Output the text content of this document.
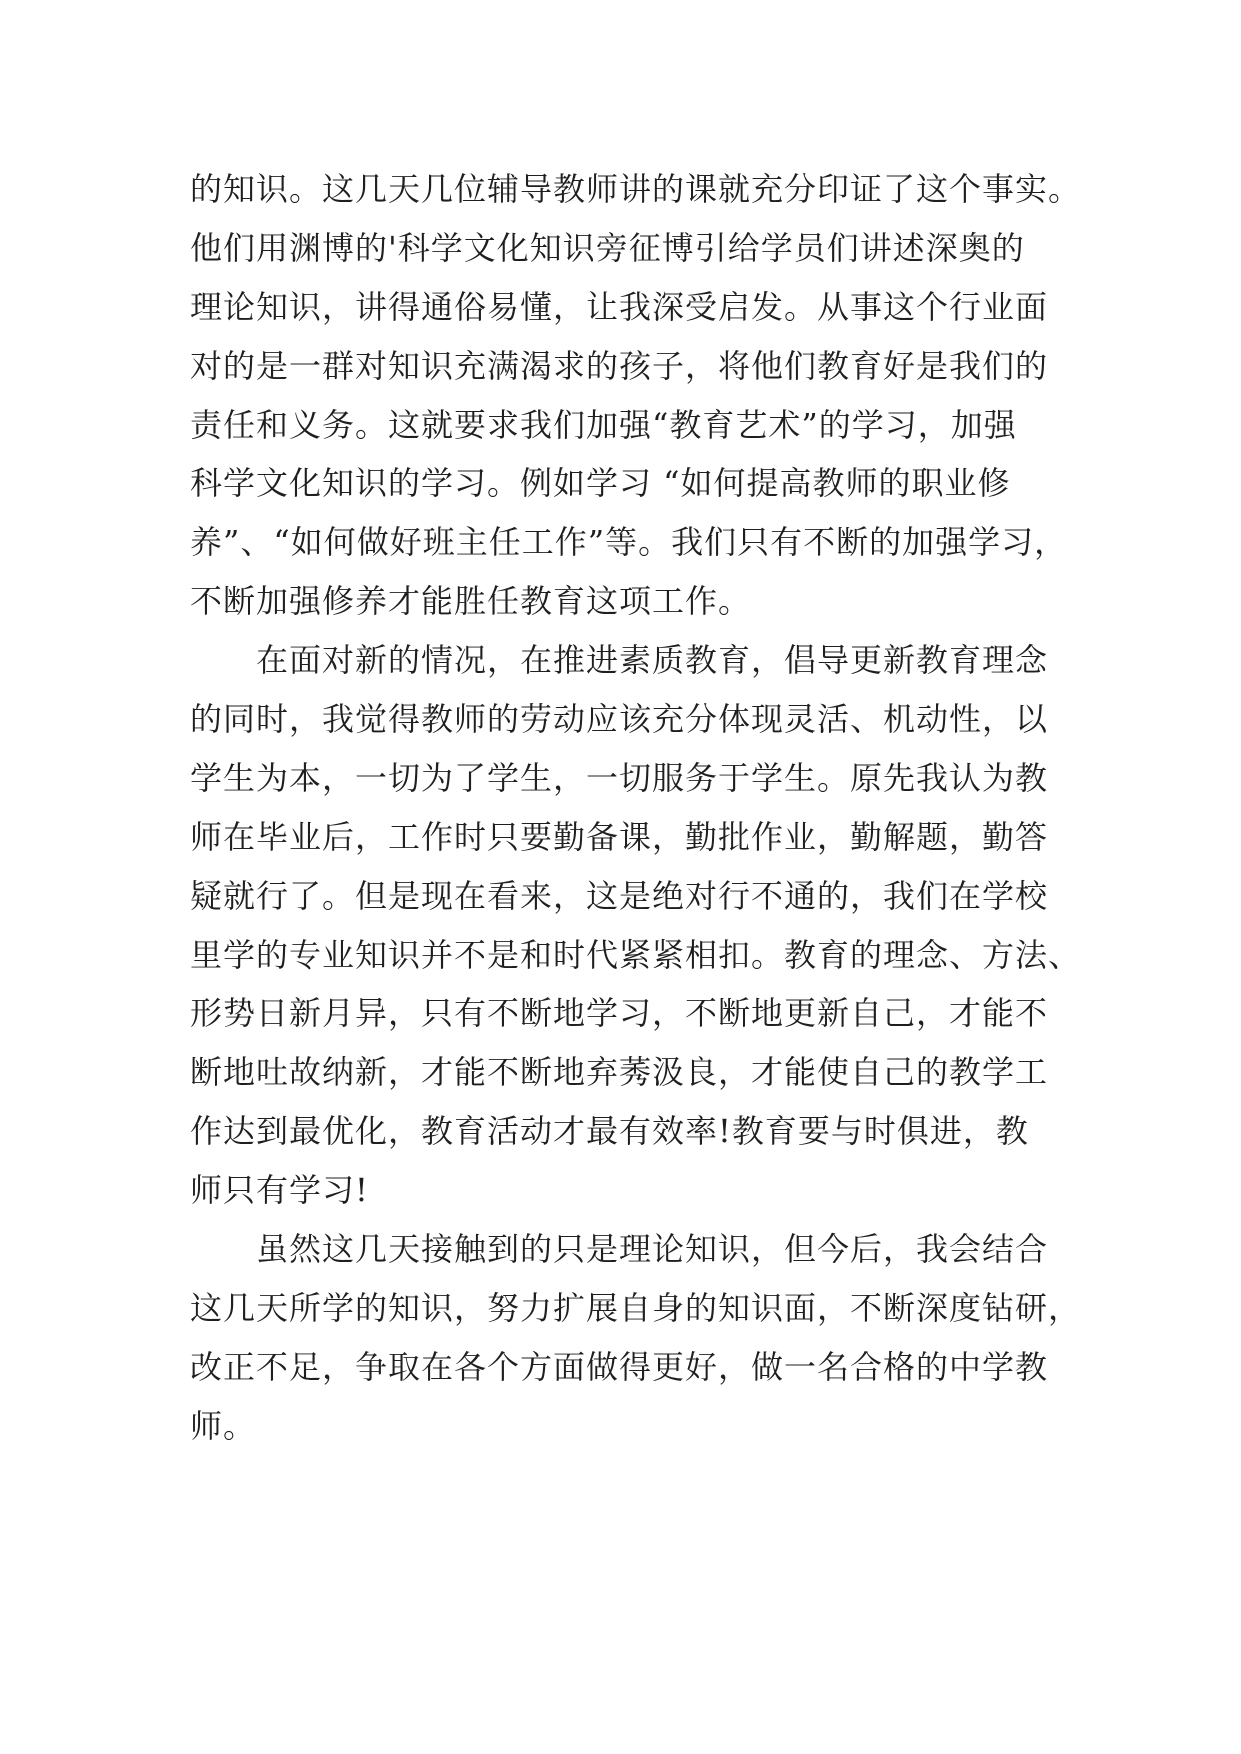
的知识。这几天几位辅导教师讲的课就充分印证了这个事实。
他们用渊博的'科学文化知识旁征博引给学员们讲述深奥的
理论知识，讲得通俗易懂，让我深受启发。从事这个行业面
对的是一群对知识充满渴求的孩子，将他们教育好是我们的
责任和义务。这就要求我们加强“教育艺术”的学习，加强
科学文化知识的学习。例如学习 “如何提高教师的职业修
养”、“如何做好班主任工作”等。我们只有不断的加强学习，
不断加强修养才能胜任教育这项工作。
　　在面对新的情况，在推进素质教育，倡导更新教育理念
的同时，我觉得教师的劳动应该充分体现灵活、机动性，以
学生为本，一切为了学生，一切服务于学生。原先我认为教
师在毕业后，工作时只要勤备课，勤批作业，勤解题，勤答
疑就行了。但是现在看来，这是绝对行不通的，我们在学校
里学的专业知识并不是和时代紧紧相扣。教育的理念、方法、
形势日新月异，只有不断地学习，不断地更新自己，才能不
断地吐故纳新，才能不断地弃莠汲良，才能使自己的教学工
作达到最优化，教育活动才最有效率!教育要与时俱进，教
师只有学习!
　　虽然这几天接触到的只是理论知识，但今后，我会结合
这几天所学的知识，努力扩展自身的知识面，不断深度钻研，
改正不足，争取在各个方面做得更好，做一名合格的中学教
师。
